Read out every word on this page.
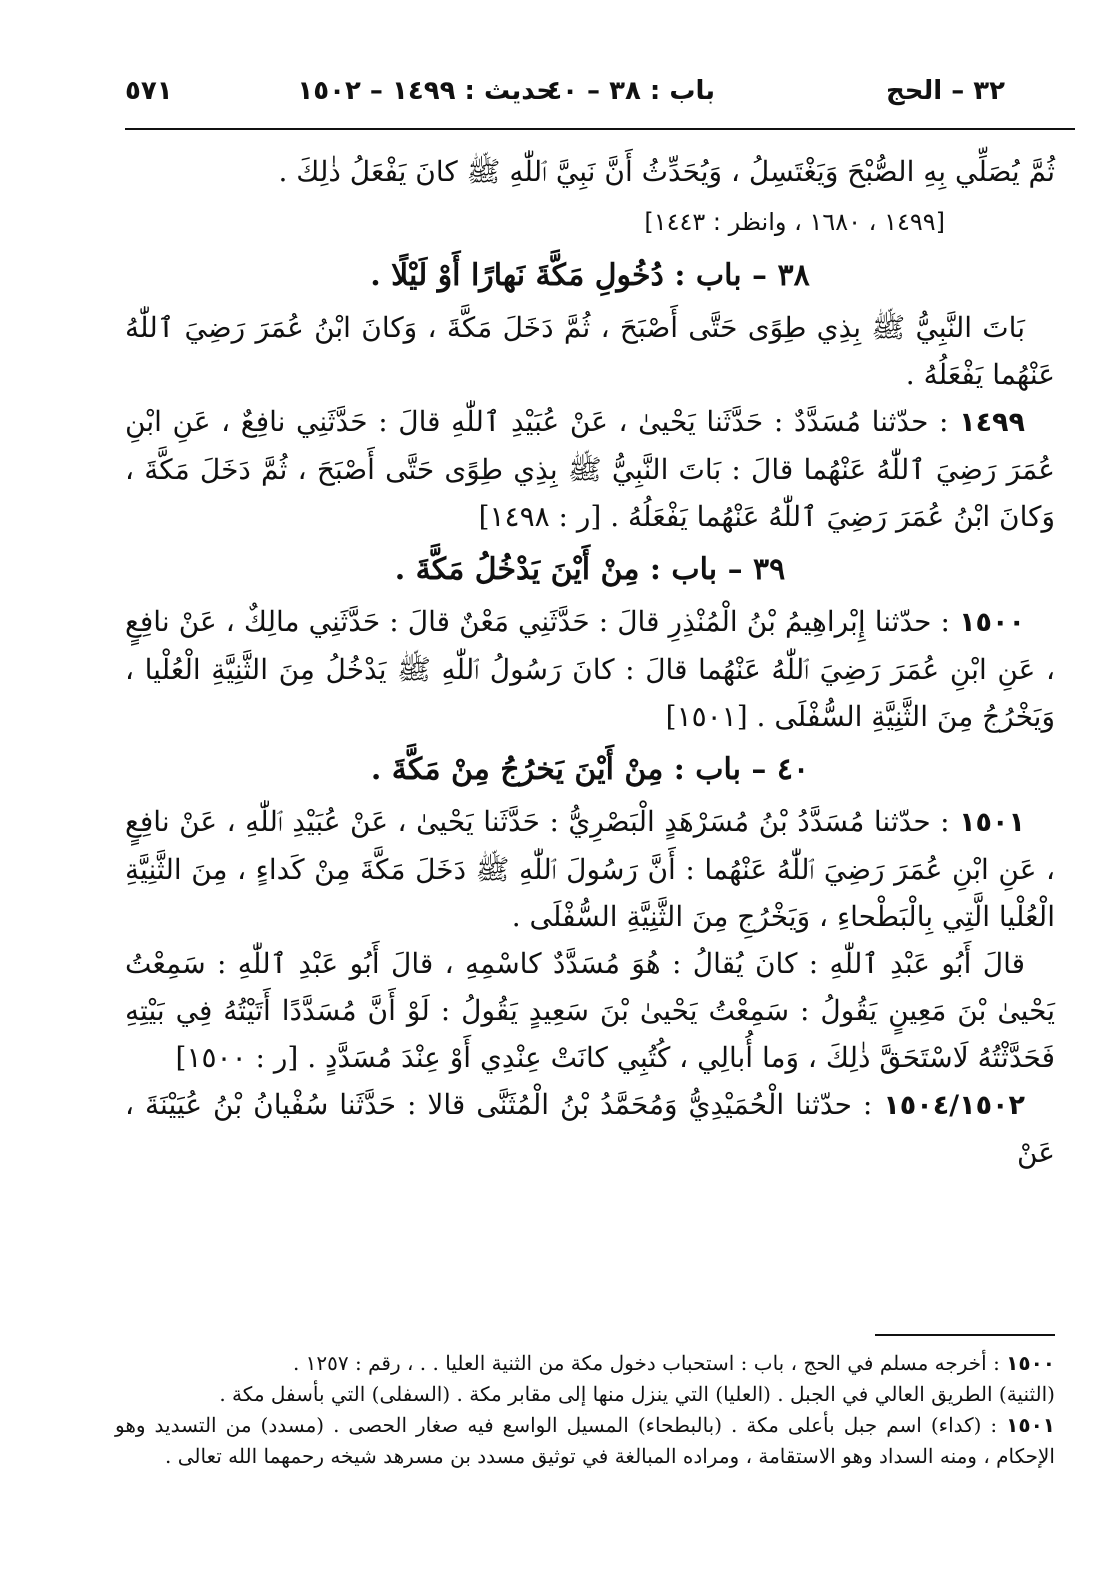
٣٢ – الحج
باب : ٣٨ – ٤٠
حديث : ١٤٩٩ – ١٥٠٢
٥٧١

ثُمَّ يُصَلِّي بِهِ الصُّبْحَ وَيَغْتَسِلُ ، وَيُحَدِّثُ أَنَّ نَبِيَّ ٱللّٰهِ ﷺ كانَ يَفْعَلُ ذٰلِكَ .

[١٤٩٩ ، ١٦٨٠ ، وانظر : ١٤٤٣]

٣٨ – باب : دُخُولِ مَكَّةَ نَهارًا أَوْ لَيْلًا .

بَاتَ النَّبِيُّ ﷺ بِذِي طِوًى حَتَّى أَصْبَحَ ، ثُمَّ دَخَلَ مَكَّةَ ، وَكانَ ابْنُ عُمَرَ رَضِيَ ٱللّٰهُ عَنْهُما يَفْعَلُهُ .

١٤٩٩ : حدّثنا مُسَدَّدٌ : حَدَّثَنا يَحْيىٰ ، عَنْ عُبَيْدِ ٱللّٰهِ قالَ : حَدَّثَنِي نافِعٌ ، عَنِ ابْنِ عُمَرَ رَضِيَ ٱللّٰهُ عَنْهُما قالَ : بَاتَ النَّبِيُّ ﷺ بِذِي طِوًى حَتَّى أَصْبَحَ ، ثُمَّ دَخَلَ مَكَّةَ ، وَكانَ ابْنُ عُمَرَ رَضِيَ ٱللّٰهُ عَنْهُما يَفْعَلُهُ . [ر : ١٤٩٨]

٣٩ – باب : مِنْ أَيْنَ يَدْخُلُ مَكَّةَ .

١٥٠٠ : حدّثنا إِبْراهِيمُ بْنُ الْمُنْذِرِ قالَ : حَدَّثَنِي مَعْنٌ قالَ : حَدَّثَنِي مالِكٌ ، عَنْ نافِعٍ ، عَنِ ابْنِ عُمَرَ رَضِيَ ٱللّٰهُ عَنْهُما قالَ : كانَ رَسُولُ ٱللّٰهِ ﷺ يَدْخُلُ مِنَ الثَّنِيَّةِ الْعُلْيا ، وَيَخْرُجُ مِنَ الثَّنِيَّةِ السُّفْلَى . [١٥٠١]

٤٠ – باب : مِنْ أَيْنَ يَخرُجُ مِنْ مَكَّةَ .

١٥٠١ : حدّثنا مُسَدَّدُ بْنُ مُسَرْهَدٍ الْبَصْرِيُّ : حَدَّثَنا يَحْيىٰ ، عَنْ عُبَيْدِ ٱللّٰهِ ، عَنْ نافِعٍ ، عَنِ ابْنِ عُمَرَ رَضِيَ ٱللّٰهُ عَنْهُما : أَنَّ رَسُولَ ٱللّٰهِ ﷺ دَخَلَ مَكَّةَ مِنْ كَداءٍ ، مِنَ الثَّنِيَّةِ الْعُلْيا الَّتِي بِالْبَطْحاءِ ، وَيَخْرُجِ مِنَ الثَّنِيَّةِ السُّفْلَى .

قالَ أَبُو عَبْدِ ٱللّٰهِ : كانَ يُقالُ : هُوَ مُسَدَّدٌ كاسْمِهِ ، قالَ أَبُو عَبْدِ ٱللّٰهِ : سَمِعْتُ يَحْيىٰ بْنَ مَعِينٍ يَقُولُ : سَمِعْتُ يَحْيىٰ بْنَ سَعِيدٍ يَقُولُ : لَوْ أَنَّ مُسَدَّدًا أَتَيْتُهُ فِي بَيْتِهِ فَحَدَّثْتُهُ لَاسْتَحَقَّ ذٰلِكَ ، وَما أُبالِي ، كُتُبِي كانَتْ عِنْدِي أَوْ عِنْدَ مُسَدَّدٍ . [ر : ١٥٠٠]

١٥٠٤/١٥٠٢ : حدّثنا الْحُمَيْدِيُّ وَمُحَمَّدُ بْنُ الْمُثَنَّى قالا : حَدَّثَنا سُفْيانُ بْنُ عُيَيْنَةَ ، عَنْ

١٥٠٠ : أخرجه مسلم في الحج ، باب : استحباب دخول مكة من الثنية العليا . . ، رقم : ١٢٥٧ .

(الثنية) الطريق العالي في الجبل . (العليا) التي ينزل منها إلى مقابر مكة . (السفلى) التي بأسفل مكة .

١٥٠١ : (كداء) اسم جبل بأعلى مكة . (بالبطحاء) المسيل الواسع فيه صغار الحصى . (مسدد) من التسديد وهو الإحكام ، ومنه السداد وهو الاستقامة ، ومراده المبالغة في توثيق مسدد بن مسرهد شيخه رحمهما الله تعالى .
